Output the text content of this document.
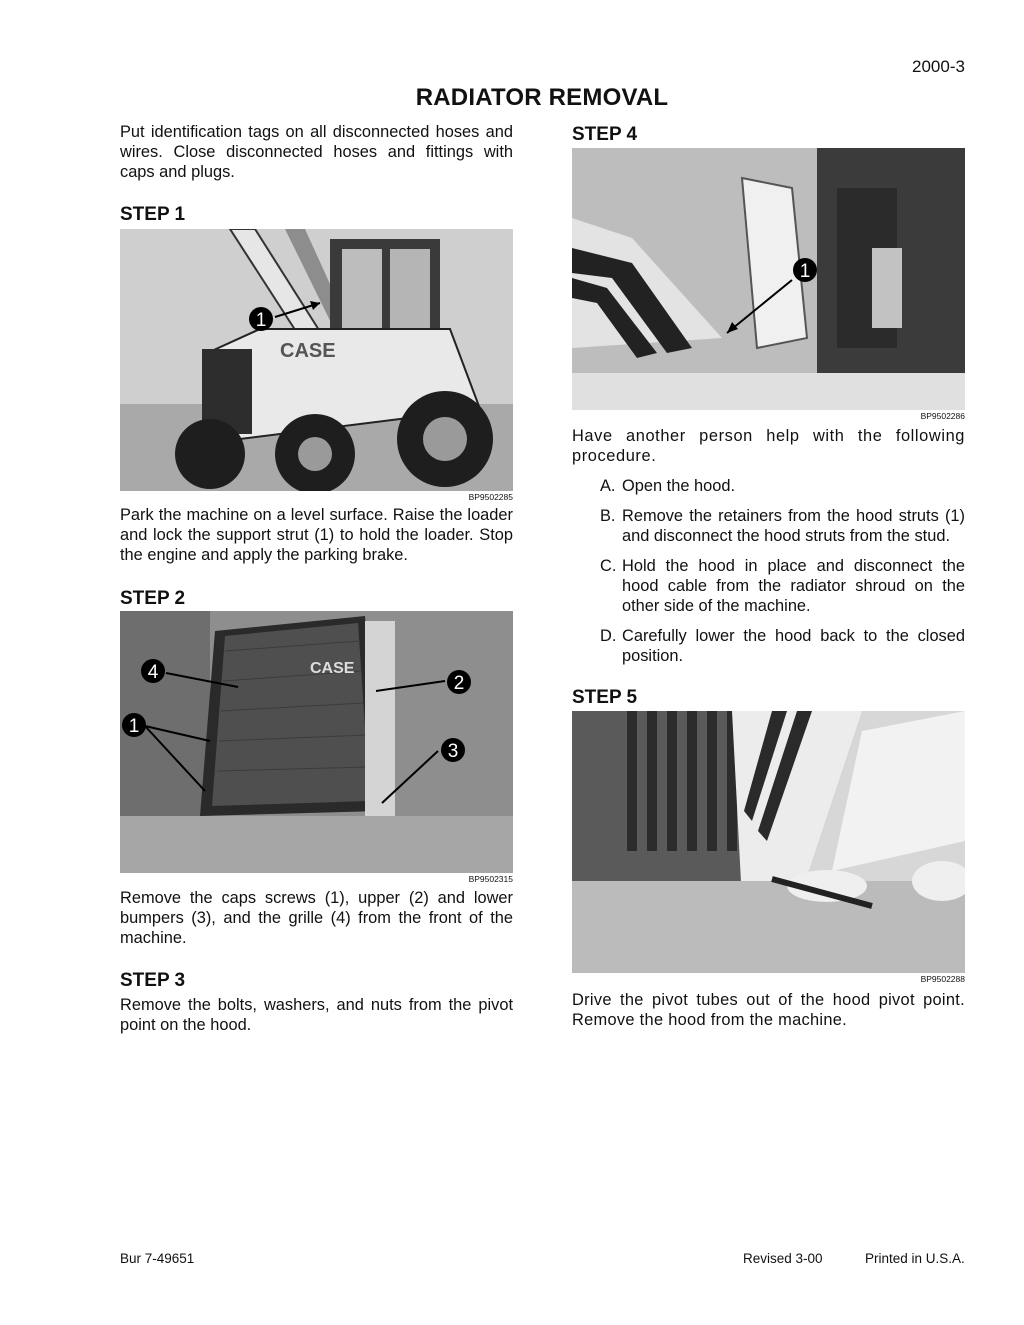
2000-3
RADIATOR REMOVAL
Put identification tags on all disconnected hoses and wires. Close disconnected hoses and fittings with caps and plugs.
STEP 1
CASE
1
BP9502285
Park the machine on a level surface. Raise the loader and lock the support strut (1) to hold the loader. Stop the engine and apply the parking brake.
STEP 2
CASE
4
2
1
3
BP9502315
Remove the caps screws (1), upper (2) and lower bumpers (3), and the grille (4) from the front of the machine.
STEP 3
Remove the bolts, washers, and nuts from the pivot point on the hood.
STEP 4
1
BP9502286
Have another person help with the following procedure.
A. Open the hood.
B. Remove the retainers from the hood struts (1) and disconnect the hood struts from the stud.
C. Hold the hood in place and disconnect the hood cable from the radiator shroud on the other side of the machine.
D. Carefully lower the hood back to the closed position.
STEP 5
BP9502288
Drive the pivot tubes out of the hood pivot point. Remove the hood from the machine.
Bur 7-49651	Revised 3-00	Printed in U.S.A.
